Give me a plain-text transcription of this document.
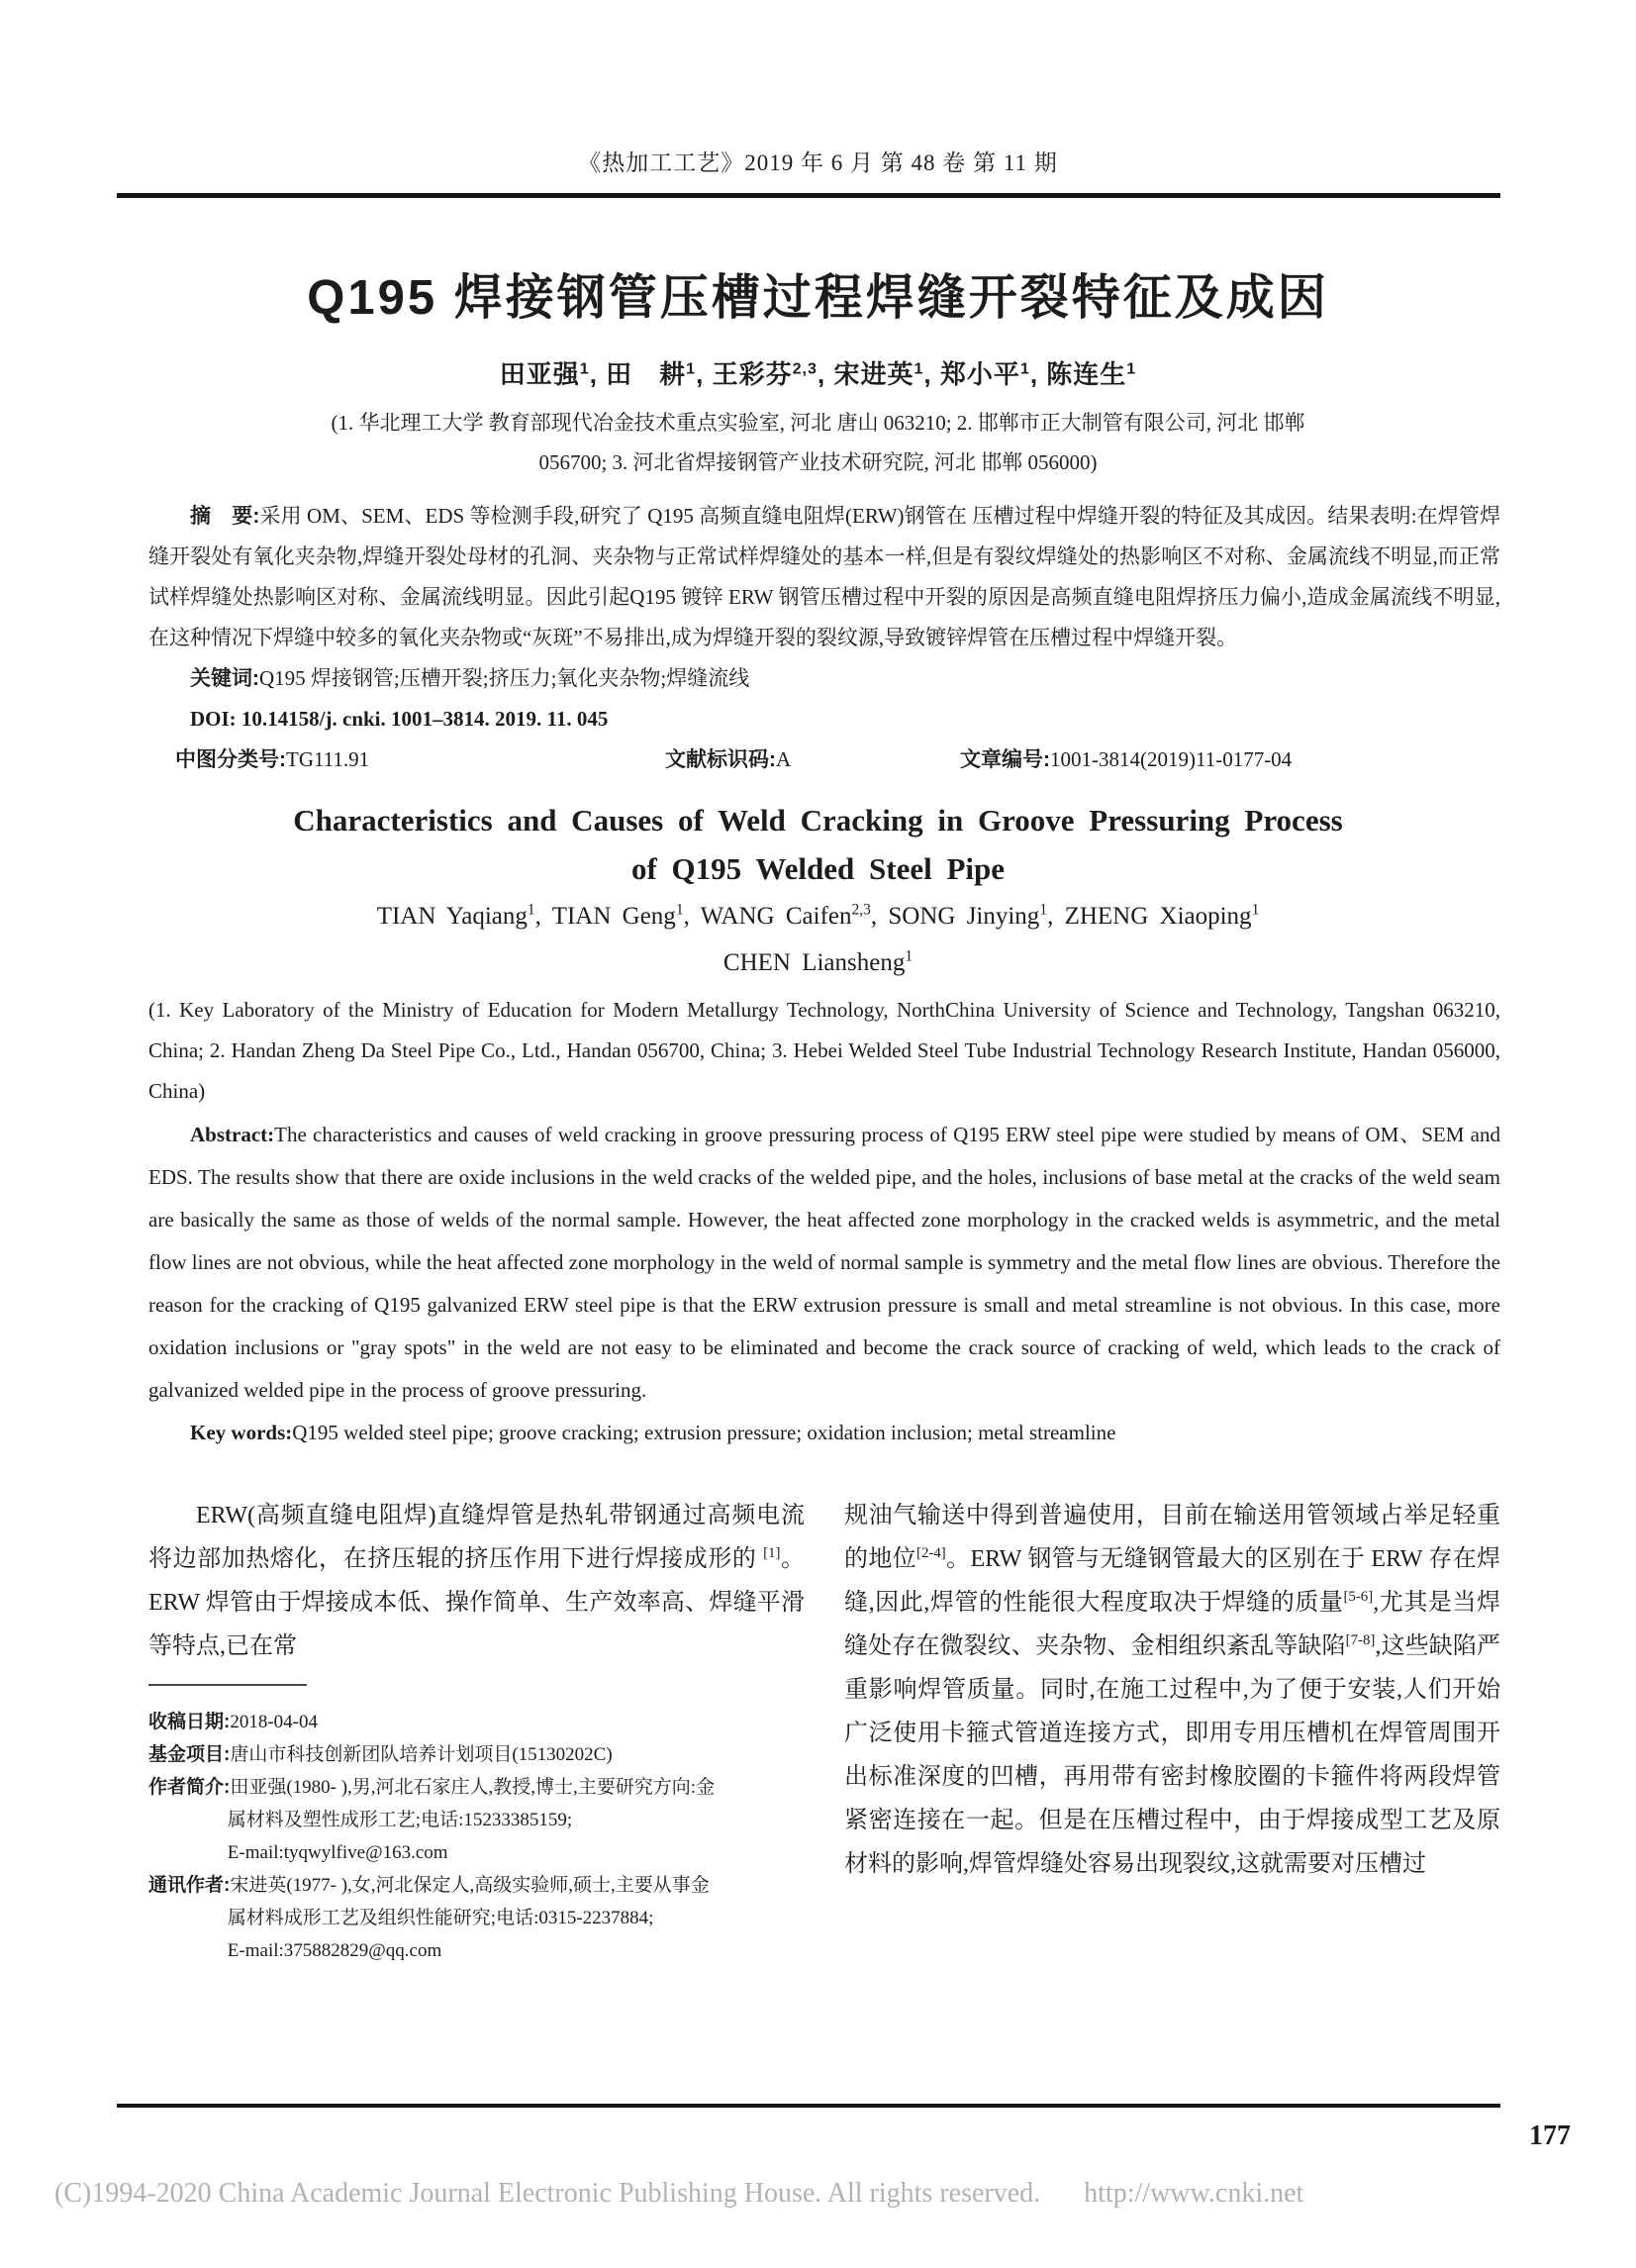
《热加工工艺》2019 年 6 月 第 48 卷 第 11 期
Q195 焊接钢管压槽过程焊缝开裂特征及成因
田亚强$^1$, 田　耕$^1$, 王彩芬$^{2,3}$, 宋进英$^1$, 郑小平$^1$, 陈连生$^1$
(1. 华北理工大学 教育部现代冶金技术重点实验室, 河北 唐山 063210; 2. 邯郸市正大制管有限公司, 河北 邯郸
056700; 3. 河北省焊接钢管产业技术研究院, 河北 邯郸 056000)

摘　要:采用 OM、SEM、EDS 等检测手段,研究了 Q195 高频直缝电阻焊(ERW)钢管在 压槽过程中焊缝开裂的特征及其成因。结果表明:在焊管焊缝开裂处有氧化夹杂物,焊缝开裂处母材的孔洞、夹杂物与正常试样焊缝处的基本一样,但是有裂纹焊缝处的热影响区不对称、金属流线不明显,而正常试样焊缝处热影响区对称、金属流线明显。因此引起Q195 镀锌 ERW 钢管压槽过程中开裂的原因是高频直缝电阻焊挤压力偏小,造成金属流线不明显,在这种情况下焊缝中较多的氧化夹杂物或“灰斑”不易排出,成为焊缝开裂的裂纹源,导致镀锌焊管在压槽过程中焊缝开裂。

关键词:Q195 焊接钢管;压槽开裂;挤压力;氧化夹杂物;焊缝流线

DOI: 10.14158/j. cnki. 1001–3814. 2019. 11. 045

中图分类号:TG111.91	文献标识码:A	文章编号:1001-3814(2019)11-0177-04
Characteristics and Causes of Weld Cracking in Groove Pressuring Process
of Q195 Welded Steel Pipe
TIAN Yaqiang$^1$, TIAN Geng$^1$, WANG Caifen$^{2,3}$, SONG Jinying$^1$, ZHENG Xiaoping$^1$
CHEN Liansheng$^1$

(1. Key Laboratory of the Ministry of Education for Modern Metallurgy Technology, NorthChina University of Science and Technology, Tangshan 063210, China; 2. Handan Zheng Da Steel Pipe Co., Ltd., Handan 056700, China; 3. Hebei Welded Steel Tube Industrial Technology Research Institute, Handan 056000, China)

Abstract:The characteristics and causes of weld cracking in groove pressuring process of Q195 ERW steel pipe were studied by means of OM、SEM and EDS. The results show that there are oxide inclusions in the weld cracks of the welded pipe, and the holes, inclusions of base metal at the cracks of the weld seam are basically the same as those of welds of the normal sample. However, the heat affected zone morphology in the cracked welds is asymmetric, and the metal flow lines are not obvious, while the heat affected zone morphology in the weld of normal sample is symmetry and the metal flow lines are obvious. Therefore the reason for the cracking of Q195 galvanized ERW steel pipe is that the ERW extrusion pressure is small and metal streamline is not obvious. In this case, more oxidation inclusions or "gray spots" in the weld are not easy to be eliminated and become the crack source of cracking of weld, which leads to the crack of galvanized welded pipe in the process of groove pressuring.

Key words:Q195 welded steel pipe; groove cracking; extrusion pressure; oxidation inclusion; metal streamline

ERW(高频直缝电阻焊)直缝焊管是热轧带钢通过高频电流将边部加热熔化，在挤压辊的挤压作用下进行焊接成形的 [1]。ERW 焊管由于焊接成本低、操作简单、生产效率高、焊缝平滑等特点,已在常

收稿日期:2018-04-04

基金项目:唐山市科技创新团队培养计划项目(15130202C)

作者简介:田亚强(1980- ),男,河北石家庄人,教授,博士,主要研究方向:金
属材料及塑性成形工艺;电话:15233385159;
E-mail:tyqwylfive@163.com

通讯作者:宋进英(1977- ),女,河北保定人,高级实验师,硕士,主要从事金
属材料成形工艺及组织性能研究;电话:0315-2237884;
E-mail:375882829@qq.com

规油气输送中得到普遍使用，目前在输送用管领域占举足轻重的地位[2-4]。ERW 钢管与无缝钢管最大的区别在于 ERW 存在焊缝,因此,焊管的性能很大程度取决于焊缝的质量[5-6],尤其是当焊缝处存在微裂纹、夹杂物、金相组织紊乱等缺陷[7-8],这些缺陷严重影响焊管质量。同时,在施工过程中,为了便于安装,人们开始广泛使用卡箍式管道连接方式，即用专用压槽机在焊管周围开出标准深度的凹槽，再用带有密封橡胶圈的卡箍件将两段焊管紧密连接在一起。但是在压槽过程中，由于焊接成型工艺及原材料的影响,焊管焊缝处容易出现裂纹,这就需要对压槽过

177
(C)1994-2020 China Academic Journal Electronic Publishing House. All rights reserved. http://www.cnki.net
